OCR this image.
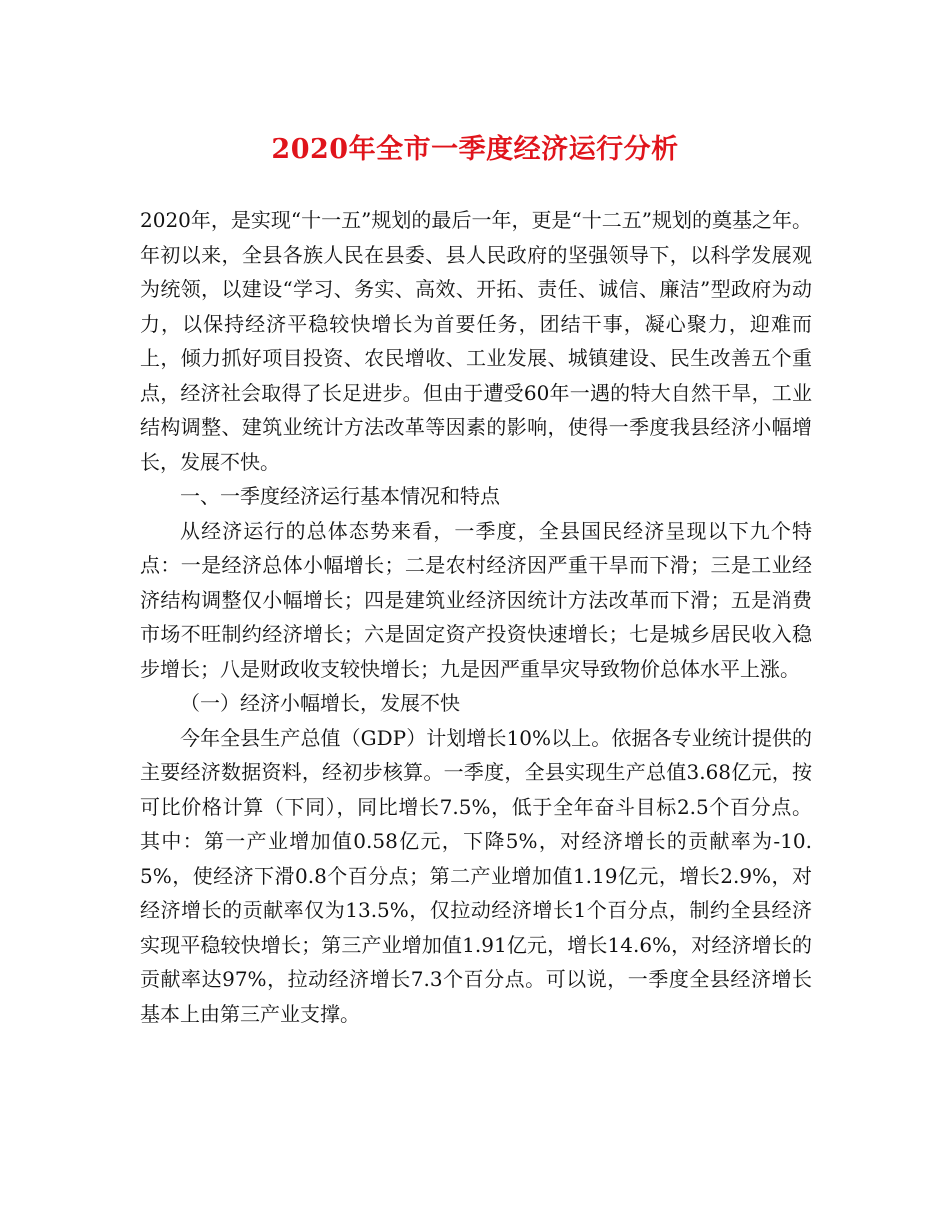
2020年全市一季度经济运行分析

2020年，是实现“十一五”规划的最后一年，更是“十二五”规划的奠基之年。年初以来，全县各族人民在县委、县人民政府的坚强领导下，以科学发展观为统领，以建设“学习、务实、高效、开拓、责任、诚信、廉洁”型政府为动力，以保持经济平稳较快增长为首要任务，团结干事，凝心聚力，迎难而上，倾力抓好项目投资、农民增收、工业发展、城镇建设、民生改善五个重点，经济社会取得了长足进步。但由于遭受60年一遇的特大自然干旱，工业结构调整、建筑业统计方法改革等因素的影响，使得一季度我县经济小幅增长，发展不快。

一、一季度经济运行基本情况和特点

从经济运行的总体态势来看，一季度，全县国民经济呈现以下九个特点：一是经济总体小幅增长；二是农村经济因严重干旱而下滑；三是工业经济结构调整仅小幅增长；四是建筑业经济因统计方法改革而下滑；五是消费市场不旺制约经济增长；六是固定资产投资快速增长；七是城乡居民收入稳步增长；八是财政收支较快增长；九是因严重旱灾导致物价总体水平上涨。

（一）经济小幅增长，发展不快

今年全县生产总值（GDP）计划增长10%以上。依据各专业统计提供的主要经济数据资料，经初步核算。一季度，全县实现生产总值3.68亿元，按可比价格计算（下同），同比增长7.5%，低于全年奋斗目标2.5个百分点。其中：第一产业增加值0.58亿元，下降5%，对经济增长的贡献率为-10.5%，使经济下滑0.8个百分点；第二产业增加值1.19亿元，增长2.9%，对经济增长的贡献率仅为13.5%，仅拉动经济增长1个百分点，制约全县经济实现平稳较快增长；第三产业增加值1.91亿元，增长14.6%，对经济增长的贡献率达97%，拉动经济增长7.3个百分点。可以说，一季度全县经济增长基本上由第三产业支撑。
